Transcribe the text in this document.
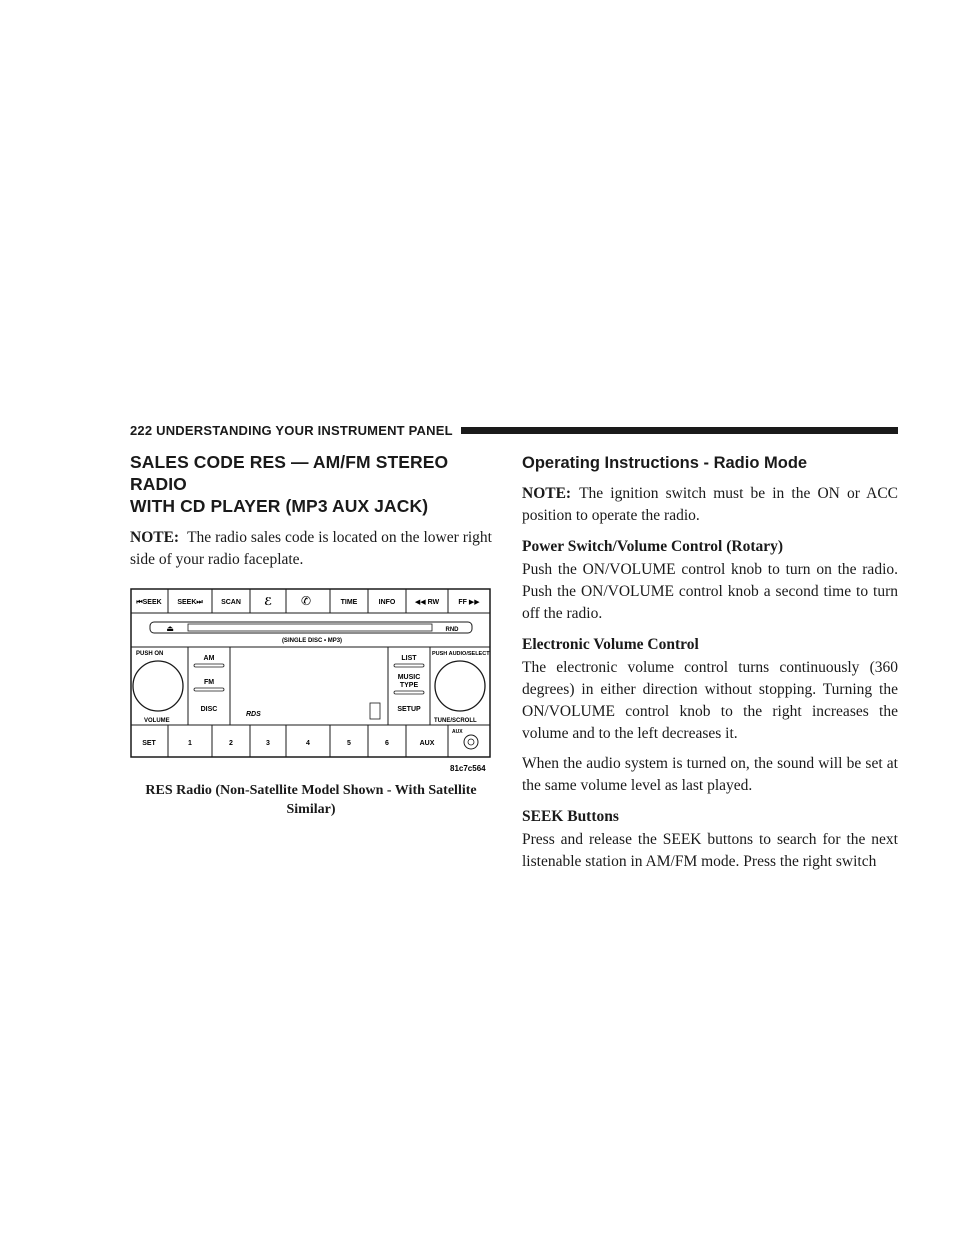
222 UNDERSTANDING YOUR INSTRUMENT PANEL
SALES CODE RES — AM/FM STEREO RADIO
WITH CD PLAYER (MP3 AUX JACK)

NOTE: The radio sales code is located on the lower right side of your radio faceplate.

⏮SEEK SEEK⏭	SCAN ℰ ✆	TIME	INFO	◀◀ RW	FF ▶▶
⏏	RND
(SINGLE DISC • MP3)
PUSH ON
VOLUME
AM
FM
DISC
RDS
LIST
MUSIC
TYPE
SETUP
PUSH AUDIO/SELECT
TUNE/SCROLL
SET	1	2	3	4	5	6	AUX
AUX
81c7c564
RES Radio (Non-Satellite Model Shown - With Satellite
Similar)
Operating Instructions - Radio Mode

NOTE: The ignition switch must be in the ON or ACC position to operate the radio.

Power Switch/Volume Control (Rotary)

Push the ON/VOLUME control knob to turn on the radio. Push the ON/VOLUME control knob a second time to turn off the radio.

Electronic Volume Control

The electronic volume control turns continuously (360 degrees) in either direction without stopping. Turning the ON/VOLUME control knob to the right increases the volume and to the left decreases it.

When the audio system is turned on, the sound will be set at the same volume level as last played.

SEEK Buttons

Press and release the SEEK buttons to search for the next listenable station in AM/FM mode. Press the right switch
